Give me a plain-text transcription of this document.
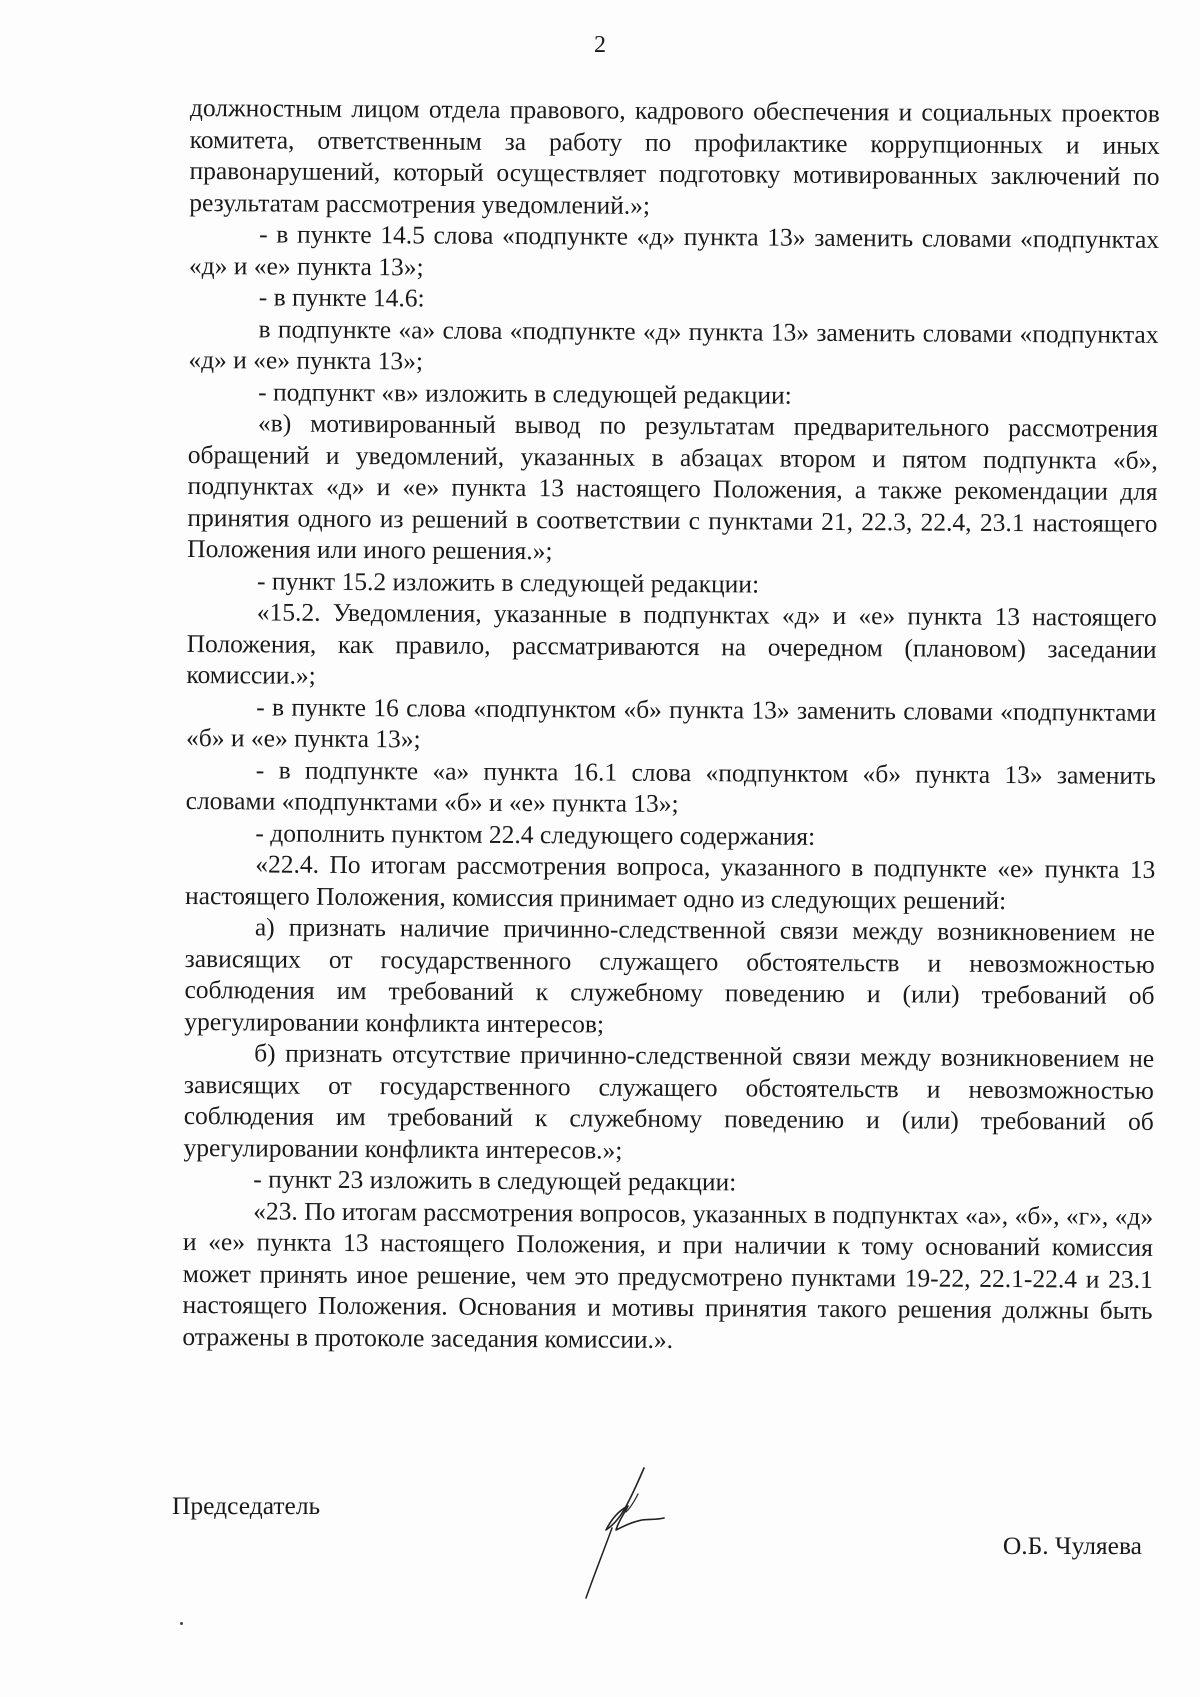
2

должностным лицом отдела правового, кадрового обеспечения и социальных проектов комитета, ответственным за работу по профилактике коррупционных и иных правонарушений, который осуществляет подготовку мотивированных заключений по результатам рассмотрения уведомлений.»;

- в пункте 14.5 слова «подпункте «д» пункта 13» заменить словами «подпунктах «д» и «е» пункта 13»;

- в пункте 14.6:

в подпункте «а» слова «подпункте «д» пункта 13» заменить словами «подпунктах «д» и «е» пункта 13»;

- подпункт «в» изложить в следующей редакции:

«в) мотивированный вывод по результатам предварительного рассмотрения обращений и уведомлений, указанных в абзацах втором и пятом подпункта «б», подпунктах «д» и «е» пункта 13 настоящего Положения, а также рекомендации для принятия одного из решений в соответствии с пунктами 21, 22.3, 22.4, 23.1 настоящего Положения или иного решения.»;

- пункт 15.2 изложить в следующей редакции:

«15.2. Уведомления, указанные в подпунктах «д» и «е» пункта 13 настоящего Положения, как правило, рассматриваются на очередном (плановом) заседании комиссии.»;

- в пункте 16 слова «подпунктом «б» пункта 13» заменить словами «подпунктами «б» и «е» пункта 13»;

- в подпункте «а» пункта 16.1 слова «подпунктом «б» пункта 13» заменить словами «подпунктами «б» и «е» пункта 13»;

- дополнить пунктом 22.4 следующего содержания:

«22.4. По итогам рассмотрения вопроса, указанного в подпункте «е» пункта 13 настоящего Положения, комиссия принимает одно из следующих решений:

а) признать наличие причинно-следственной связи между возникновением не зависящих от государственного служащего обстоятельств и невозможностью соблюдения им требований к служебному поведению и (или) требований об урегулировании конфликта интересов;

б) признать отсутствие причинно-следственной связи между возникновением не зависящих от государственного служащего обстоятельств и невозможностью соблюдения им требований к служебному поведению и (или) требований об урегулировании конфликта интересов.»;

- пункт 23 изложить в следующей редакции:

«23. По итогам рассмотрения вопросов, указанных в подпунктах «а», «б», «г», «д» и «е» пункта 13 настоящего Положения, и при наличии к тому оснований комиссия может принять иное решение, чем это предусмотрено пунктами 19-22, 22.1-22.4 и 23.1 настоящего Положения. Основания и мотивы принятия такого решения должны быть отражены в протоколе заседания комиссии.».

Председатель
О.Б. Чуляева
